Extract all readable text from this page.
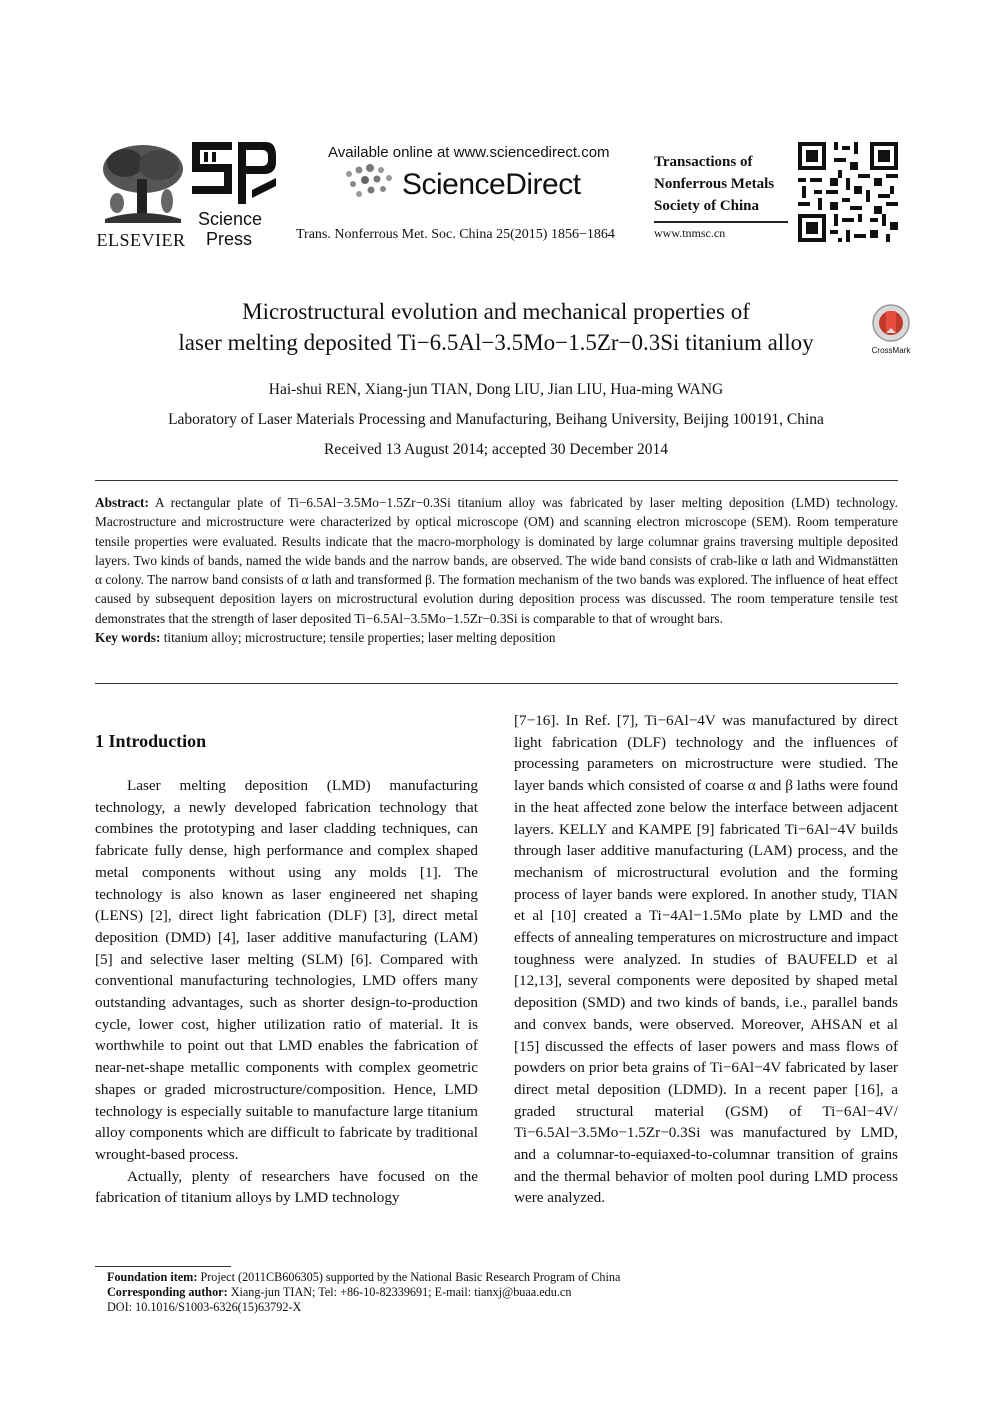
ELSEVIER
Science
Press
Available online at www.sciencedirect.com
ScienceDirect
Trans. Nonferrous Met. Soc. China 25(2015) 1856−1864
Transactions of
Nonferrous Metals
Society of China
www.tnmsc.cn
Microstructural evolution and mechanical properties of
laser melting deposited Ti−6.5Al−3.5Mo−1.5Zr−0.3Si titanium alloy	CrossMark
Hai-shui REN, Xiang-jun TIAN, Dong LIU, Jian LIU, Hua-ming WANG
Laboratory of Laser Materials Processing and Manufacturing, Beihang University, Beijing 100191, China
Received 13 August 2014; accepted 30 December 2014
Abstract: A rectangular plate of Ti−6.5Al−3.5Mo−1.5Zr−0.3Si titanium alloy was fabricated by laser melting deposition (LMD) technology. Macrostructure and microstructure were characterized by optical microscope (OM) and scanning electron microscope (SEM). Room temperature tensile properties were evaluated. Results indicate that the macro-morphology is dominated by large columnar grains traversing multiple deposited layers. Two kinds of bands, named the wide bands and the narrow bands, are observed. The wide band consists of crab-like α lath and Widmanstätten α colony. The narrow band consists of α lath and transformed β. The formation mechanism of the two bands was explored. The influence of heat effect caused by subsequent deposition layers on microstructural evolution during deposition process was discussed. The room temperature tensile test demonstrates that the strength of laser deposited Ti−6.5Al−3.5Mo−1.5Zr−0.3Si is comparable to that of wrought bars.
Key words: titanium alloy; microstructure; tensile properties; laser melting deposition
1 Introduction

Laser melting deposition (LMD) manufacturing technology, a newly developed fabrication technology that combines the prototyping and laser cladding techniques, can fabricate fully dense, high performance and complex shaped metal components without using any molds [1]. The technology is also known as laser engineered net shaping (LENS) [2], direct light fabrication (DLF) [3], direct metal deposition (DMD) [4], laser additive manufacturing (LAM) [5] and selective laser melting (SLM) [6]. Compared with conventional manufacturing technologies, LMD offers many outstanding advantages, such as shorter design-to-production cycle, lower cost, higher utilization ratio of material. It is worthwhile to point out that LMD enables the fabrication of near-net-shape metallic components with complex geometric shapes or graded microstructure/composition. Hence, LMD technology is especially suitable to manufacture large titanium alloy components which are difficult to fabricate by traditional wrought-based process.

Actually, plenty of researchers have focused on the fabrication of titanium alloys by LMD technology

[7−16]. In Ref. [7], Ti−6Al−4V was manufactured by direct light fabrication (DLF) technology and the influences of processing parameters on microstructure were studied. The layer bands which consisted of coarse α and β laths were found in the heat affected zone below the interface between adjacent layers. KELLY and KAMPE [9] fabricated Ti−6Al−4V builds through laser additive manufacturing (LAM) process, and the mechanism of microstructural evolution and the forming process of layer bands were explored. In another study, TIAN et al [10] created a Ti−4Al−1.5Mo plate by LMD and the effects of annealing temperatures on microstructure and impact toughness were analyzed. In studies of BAUFELD et al [12,13], several components were deposited by shaped metal deposition (SMD) and two kinds of bands, i.e., parallel bands and convex bands, were observed. Moreover, AHSAN et al [15] discussed the effects of laser powers and mass flows of powders on prior beta grains of Ti−6Al−4V fabricated by laser direct metal deposition (LDMD). In a recent paper [16], a graded structural material (GSM) of Ti−6Al−4V/ Ti−6.5Al−3.5Mo−1.5Zr−0.3Si was manufactured by LMD, and a columnar-to-equiaxed-to-columnar transition of grains and the thermal behavior of molten pool during LMD process were analyzed.

Foundation item: Project (2011CB606305) supported by the National Basic Research Program of China
Corresponding author: Xiang-jun TIAN; Tel: +86-10-82339691; E-mail: tianxj@buaa.edu.cn
DOI: 10.1016/S1003-6326(15)63792-X
